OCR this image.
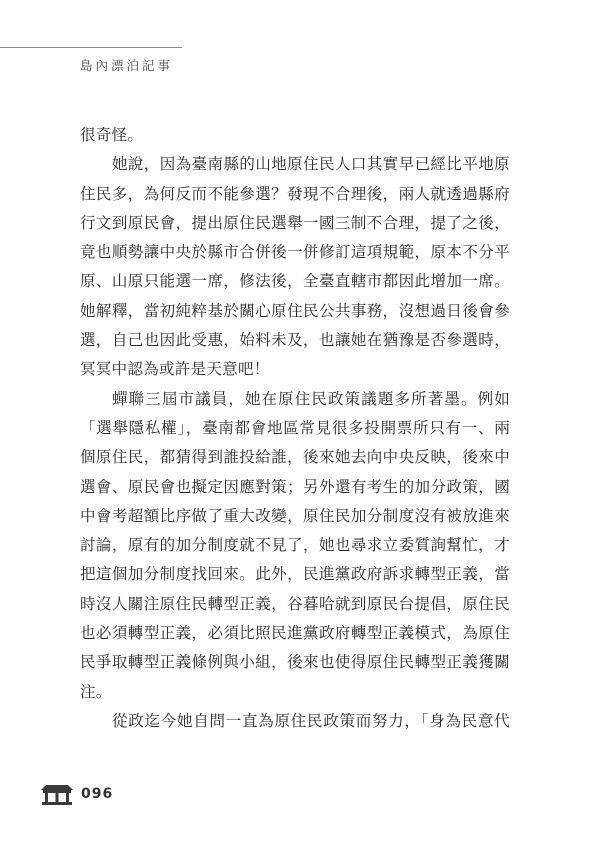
島內漂泊記事
很奇怪。
她說，因為臺南縣的山地原住民人口其實早已經比平地原
住民多，為何反而不能參選？發現不合理後，兩人就透過縣府
行文到原民會，提出原住民選舉一國三制不合理，提了之後，
竟也順勢讓中央於縣市合併後一併修訂這項規範，原本不分平
原、山原只能選一席，修法後，全臺直轄市都因此增加一席。
她解釋，當初純粹基於關心原住民公共事務，沒想過日後會參
選，自己也因此受惠，始料未及，也讓她在猶豫是否參選時，
冥冥中認為或許是天意吧！
蟬聯三屆市議員，她在原住民政策議題多所著墨。例如
「選舉隱私權」，臺南都會地區常見很多投開票所只有一、兩
個原住民，都猜得到誰投給誰，後來她去向中央反映，後來中
選會、原民會也擬定因應對策；另外還有考生的加分政策，國
中會考超額比序做了重大改變，原住民加分制度沒有被放進來
討論，原有的加分制度就不見了，她也尋求立委質詢幫忙，才
把這個加分制度找回來。此外，民進黨政府訴求轉型正義，當
時沒人關注原住民轉型正義，谷暮哈就到原民台提倡，原住民
也必須轉型正義，必須比照民進黨政府轉型正義模式，為原住
民爭取轉型正義條例與小組，後來也使得原住民轉型正義獲關
注。
從政迄今她自問一直為原住民政策而努力，「身為民意代
096
